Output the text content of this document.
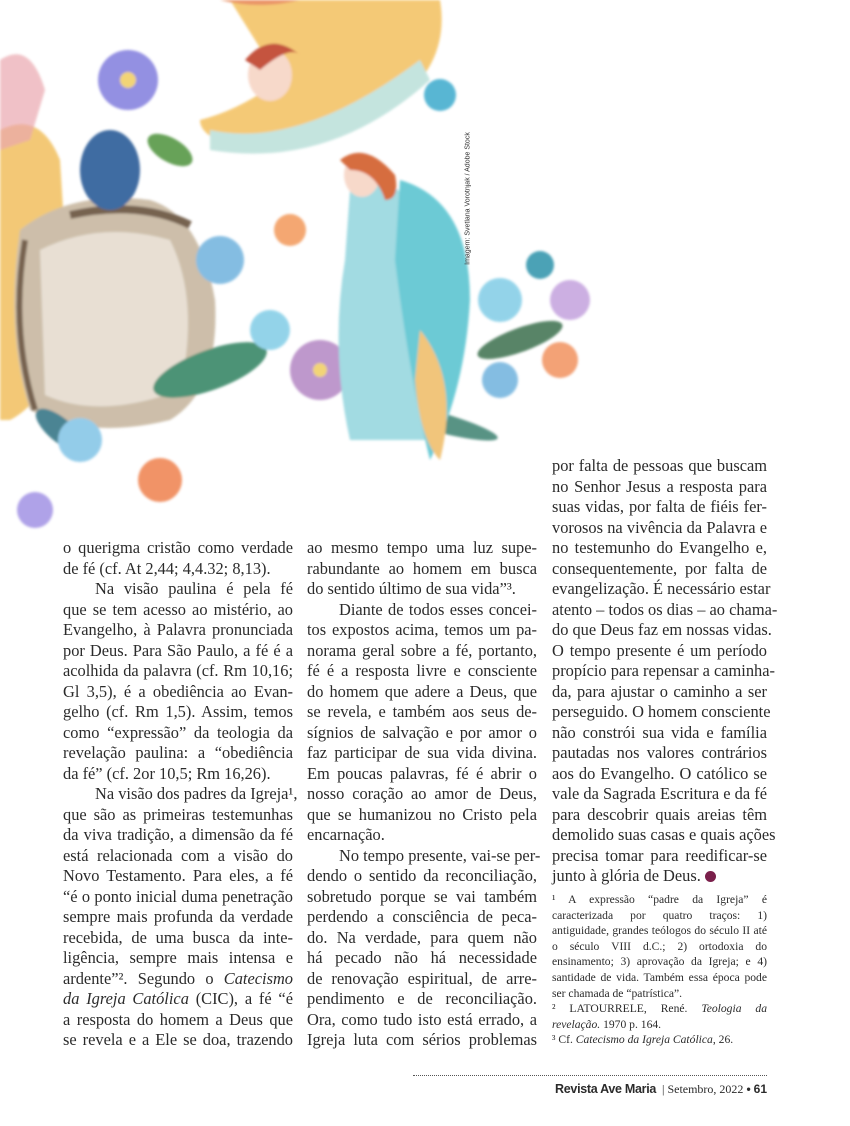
Imagem: Svetlana Vorotnjak / Adobe Stock
o querigma cristão como verdade
de fé (cf. At 2,44; 4,4.32; 8,13).
Na visão paulina é pela fé
que se tem acesso ao mistério, ao
Evangelho, à Palavra pronunciada
por Deus. Para São Paulo, a fé é a
acolhida da palavra (cf. Rm 10,16;
Gl 3,5), é a obediência ao Evan-
gelho (cf. Rm 1,5). Assim, temos
como “expressão” da teologia da
revelação paulina: a “obediência
da fé” (cf. 2or 10,5; Rm 16,26).
Na visão dos padres da Igreja¹,
que são as primeiras testemunhas
da viva tradição, a dimensão da fé
está relacionada com a visão do
Novo Testamento. Para eles, a fé
“é o ponto inicial duma penetração
sempre mais profunda da verdade
recebida, de uma busca da inte-
ligência, sempre mais intensa e
ardente”². Segundo o Catecismo
da Igreja Católica (CIC), a fé “é
a resposta do homem a Deus que
se revela e a Ele se doa, trazendo
ao mesmo tempo uma luz supe-
rabundante ao homem em busca
do sentido último de sua vida”³.
Diante de todos esses concei-
tos expostos acima, temos um pa-
norama geral sobre a fé, portanto,
fé é a resposta livre e consciente
do homem que adere a Deus, que
se revela, e também aos seus de-
sígnios de salvação e por amor o
faz participar de sua vida divina.
Em poucas palavras, fé é abrir o
nosso coração ao amor de Deus,
que se humanizou no Cristo pela
encarnação.
No tempo presente, vai-se per-
dendo o sentido da reconciliação,
sobretudo porque se vai também
perdendo a consciência de peca-
do. Na verdade, para quem não
há pecado não há necessidade
de renovação espiritual, de arre-
pendimento e de reconciliação.
Ora, como tudo isto está errado, a
Igreja luta com sérios problemas
por falta de pessoas que buscam
no Senhor Jesus a resposta para
suas vidas, por falta de fiéis fer-
vorosos na vivência da Palavra e
no testemunho do Evangelho e,
consequentemente, por falta de
evangelização. É necessário estar
atento – todos os dias – ao chama-
do que Deus faz em nossas vidas.
O tempo presente é um período
propício para repensar a caminha-
da, para ajustar o caminho a ser
perseguido. O homem consciente
não constrói sua vida e família
pautadas nos valores contrários
aos do Evangelho. O católico se
vale da Sagrada Escritura e da fé
para descobrir quais areias têm
demolido suas casas e quais ações
precisa tomar para reedificar-se
junto à glória de Deus.
¹ A expressão “padre da Igreja” é caracterizada por quatro traços: 1) antiguidade, grandes teólogos do século II até o século VIII d.C.; 2) ortodoxia do ensinamento; 3) aprovação da Igreja; e 4) santidade de vida. Também essa época pode ser chamada de “patrística”.
² LATOURRELE, René. Teologia da revelação. 1970 p. 164.
³ Cf. Catecismo da Igreja Católica, 26.
Revista Ave Maria | Setembro, 2022 • 61
